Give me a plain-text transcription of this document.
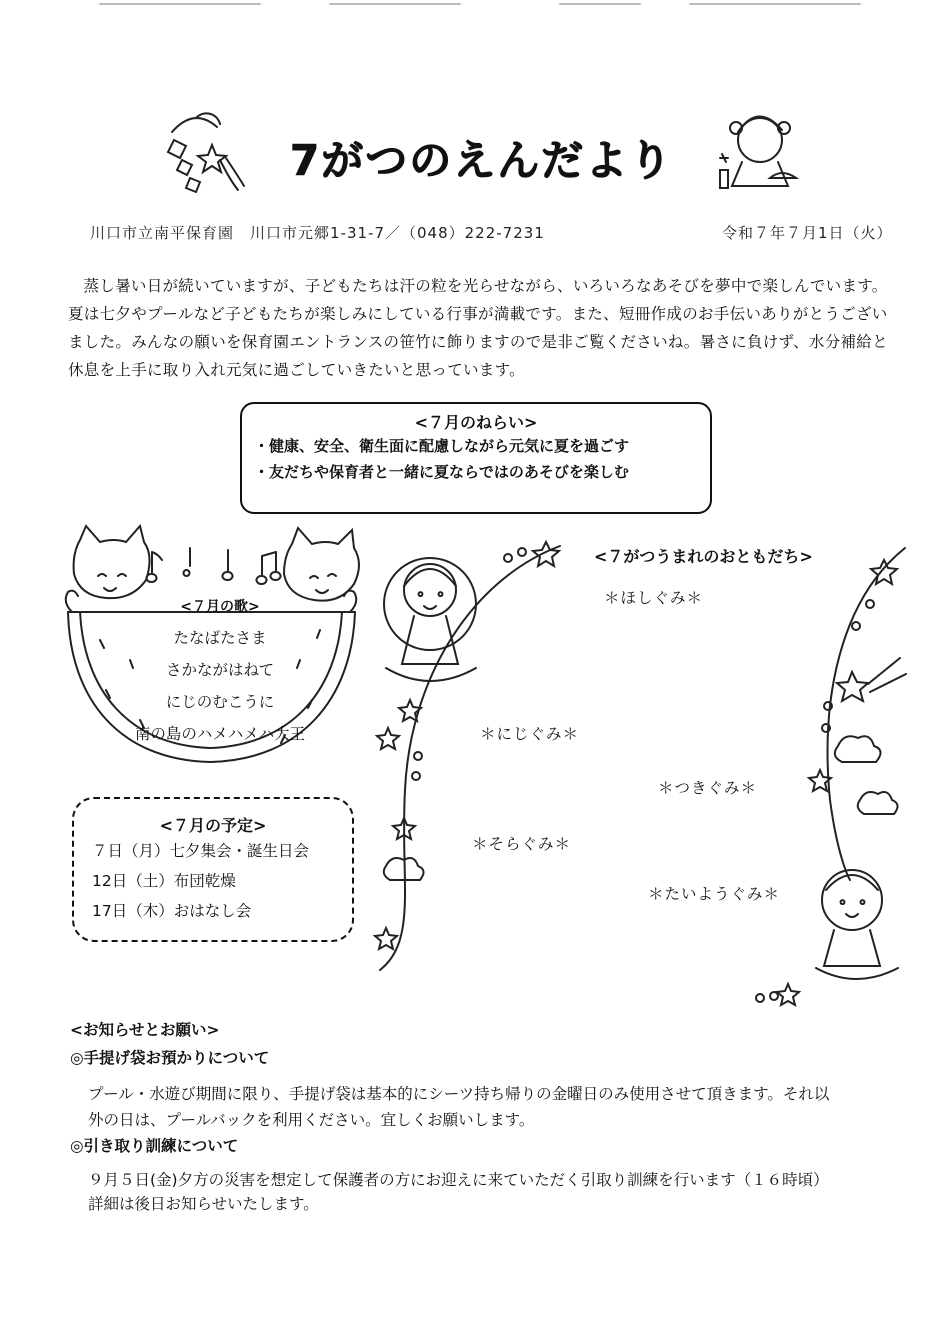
7がつのえんだより
川口市立南平保育園　川口市元郷1-31-7／（048）222-7231	令和７年７月1日（火）
蒸し暑い日が続いていますが、子どもたちは汗の粒を光らせながら、いろいろなあそびを夢中で楽しんでいます。夏は七夕やプールなど子どもたちが楽しみにしている行事が満載です。また、短冊作成のお手伝いありがとうございました。みんなの願いを保育園エントランスの笹竹に飾りますので是非ご覧くださいね。暑さに負けず、水分補給と休息を上手に取り入れ元気に過ごしていきたいと思っています。
<７月のねらい>
・健康、安全、衛生面に配慮しながら元気に夏を過ごす
・友だちや保育者と一緒に夏ならではのあそびを楽しむ
<７月の歌>
たなばたさま
さかながはねて
にじのむこうに
南の島のハメハメハ大王
<７月の予定>
７日（月）七夕集会・誕生日会
12日（土）布団乾燥
17日（木）おはなし会
<７がつうまれのおともだち>
＊ほしぐみ＊
＊にじぐみ＊
＊つきぐみ＊
＊そらぐみ＊
＊たいようぐみ＊
<お知らせとお願い>
◎手提げ袋お預かりについて
プール・水遊び期間に限り、手提げ袋は基本的にシーツ持ち帰りの金曜日のみ使用させて頂きます。それ以
外の日は、プールバックを利用ください。宜しくお願いします。
◎引き取り訓練について
９月５日(金)夕方の災害を想定して保護者の方にお迎えに来ていただく引取り訓練を行います（１６時頃）
詳細は後日お知らせいたします。
